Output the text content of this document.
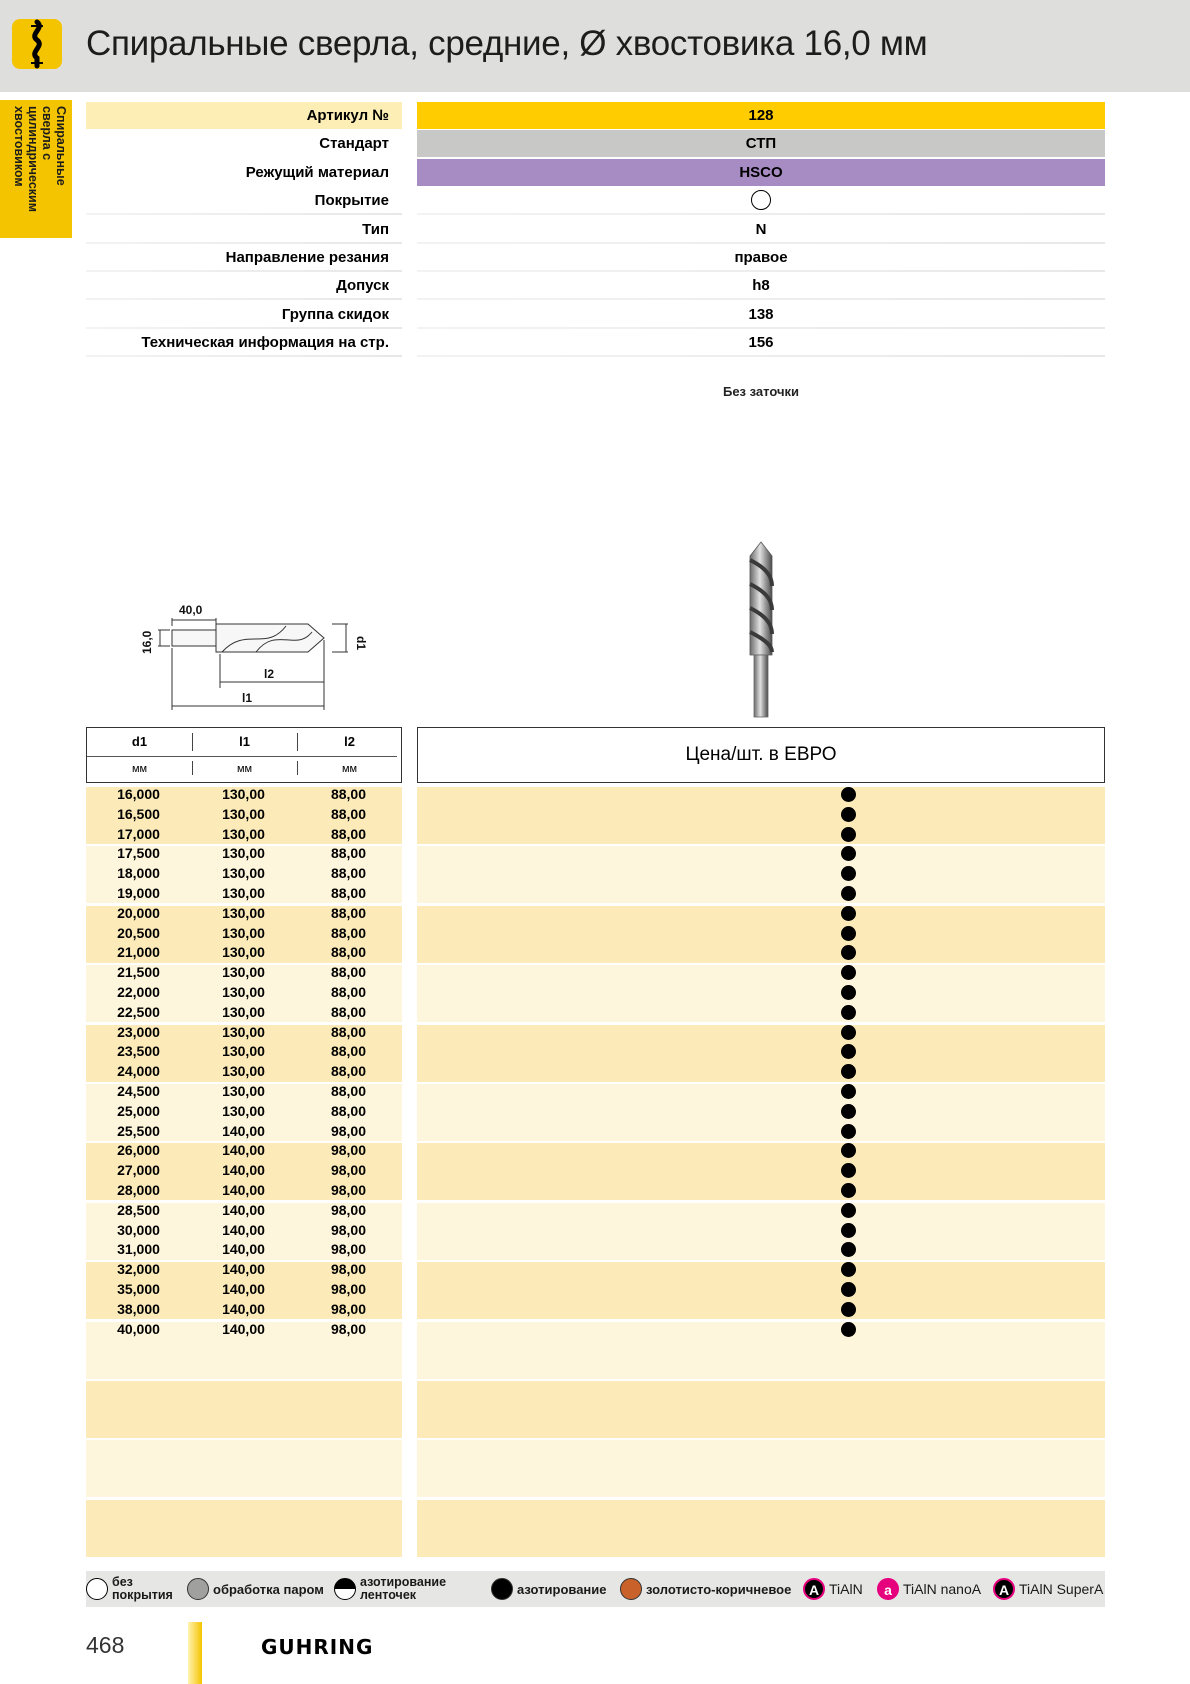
Спиральные сверла, средние, Ø хвостовика 16,0 мм
Спиральные сверла с цилиндрическим хвостовиком	Артикул №	128
Стандарт	СТП
Режущий материал	HSCO
Покрытие
Тип	N
Направление резания	правое
Допуск	h8
Группа скидок	138
Техническая информация на стр.	156
Без заточки
40,0
16,0	d1
l2
l1
d1	l1	l2
мм	мм	мм
Цена/шт. в ЕВРО
16,000	130,00	88,00
16,500	130,00	88,00
17,000	130,00	88,00
17,500	130,00	88,00
18,000	130,00	88,00
19,000	130,00	88,00
20,000	130,00	88,00
20,500	130,00	88,00
21,000	130,00	88,00
21,500	130,00	88,00
22,000	130,00	88,00
22,500	130,00	88,00
23,000	130,00	88,00
23,500	130,00	88,00
24,000	130,00	88,00
24,500	130,00	88,00
25,000	130,00	88,00
25,500	140,00	98,00
26,000	140,00	98,00
27,000	140,00	98,00
28,000	140,00	98,00
28,500	140,00	98,00
30,000	140,00	98,00
31,000	140,00	98,00
32,000	140,00	98,00
35,000	140,00	98,00
38,000	140,00	98,00
40,000	140,00	98,00
без покрытия	обработка паром	азотирование ленточек	азотирование	золотисто-коричневое	A TiAlN	a TiAlN nanoA	A TiAlN SuperA
468	GUHRING
